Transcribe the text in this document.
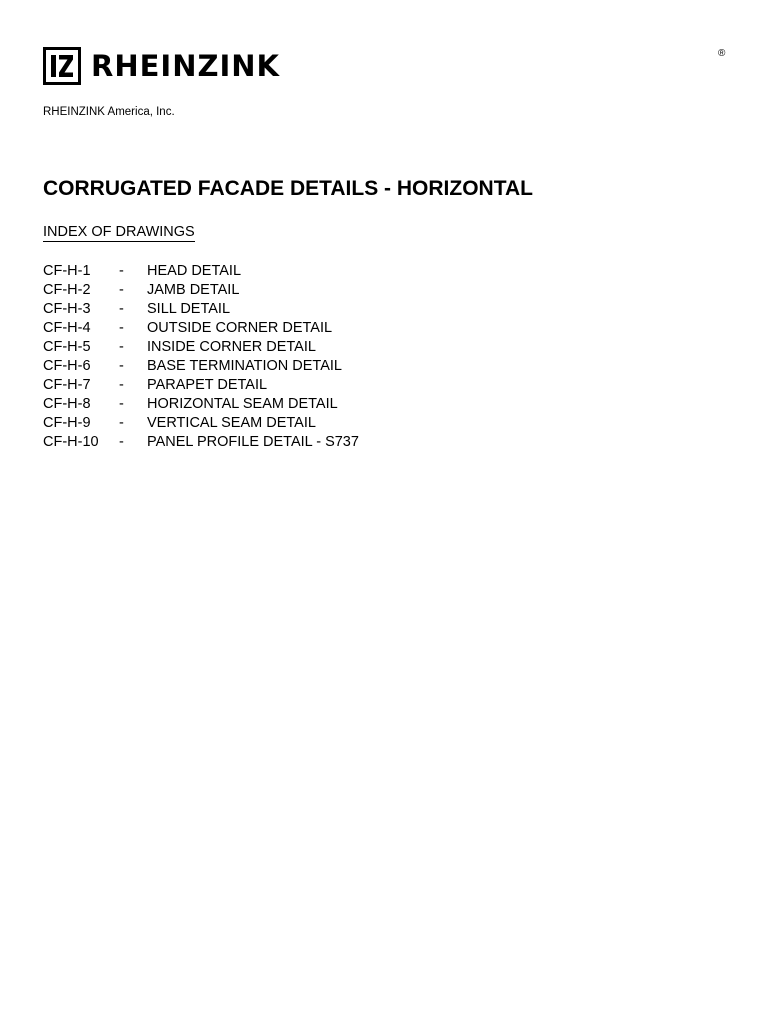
RHEINZINK	®
RHEINZINK America, Inc.
CORRUGATED FACADE DETAILS - HORIZONTAL
INDEX OF DRAWINGS
CF-H-1	-	HEAD DETAIL
CF-H-2	-	JAMB DETAIL
CF-H-3	-	SILL DETAIL
CF-H-4	-	OUTSIDE CORNER DETAIL
CF-H-5	-	INSIDE CORNER DETAIL
CF-H-6	-	BASE TERMINATION DETAIL
CF-H-7	-	PARAPET DETAIL
CF-H-8	-	HORIZONTAL SEAM DETAIL
CF-H-9	-	VERTICAL SEAM DETAIL
CF-H-10	-	PANEL PROFILE DETAIL - S737
